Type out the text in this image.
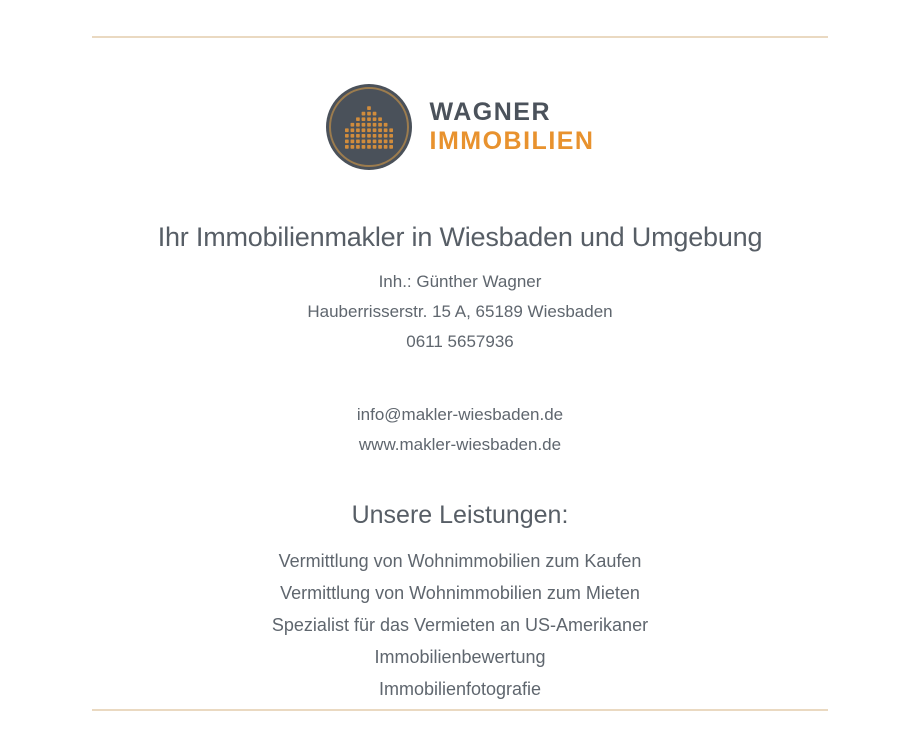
WAGNER
IMMOBILIEN
Ihr Immobilienmakler in Wiesbaden und Umgebung

Inh.: Günther Wagner

Hauberrisserstr. 15 A, 65189 Wiesbaden

0611 5657936

info@makler-wiesbaden.de

www.makler-wiesbaden.de

Unsere Leistungen:
Vermittlung von Wohnimmobilien zum Kaufen
Vermittlung von Wohnimmobilien zum Mieten
Spezialist für das Vermieten an US-Amerikaner
Immobilienbewertung
Immobilienfotografie
